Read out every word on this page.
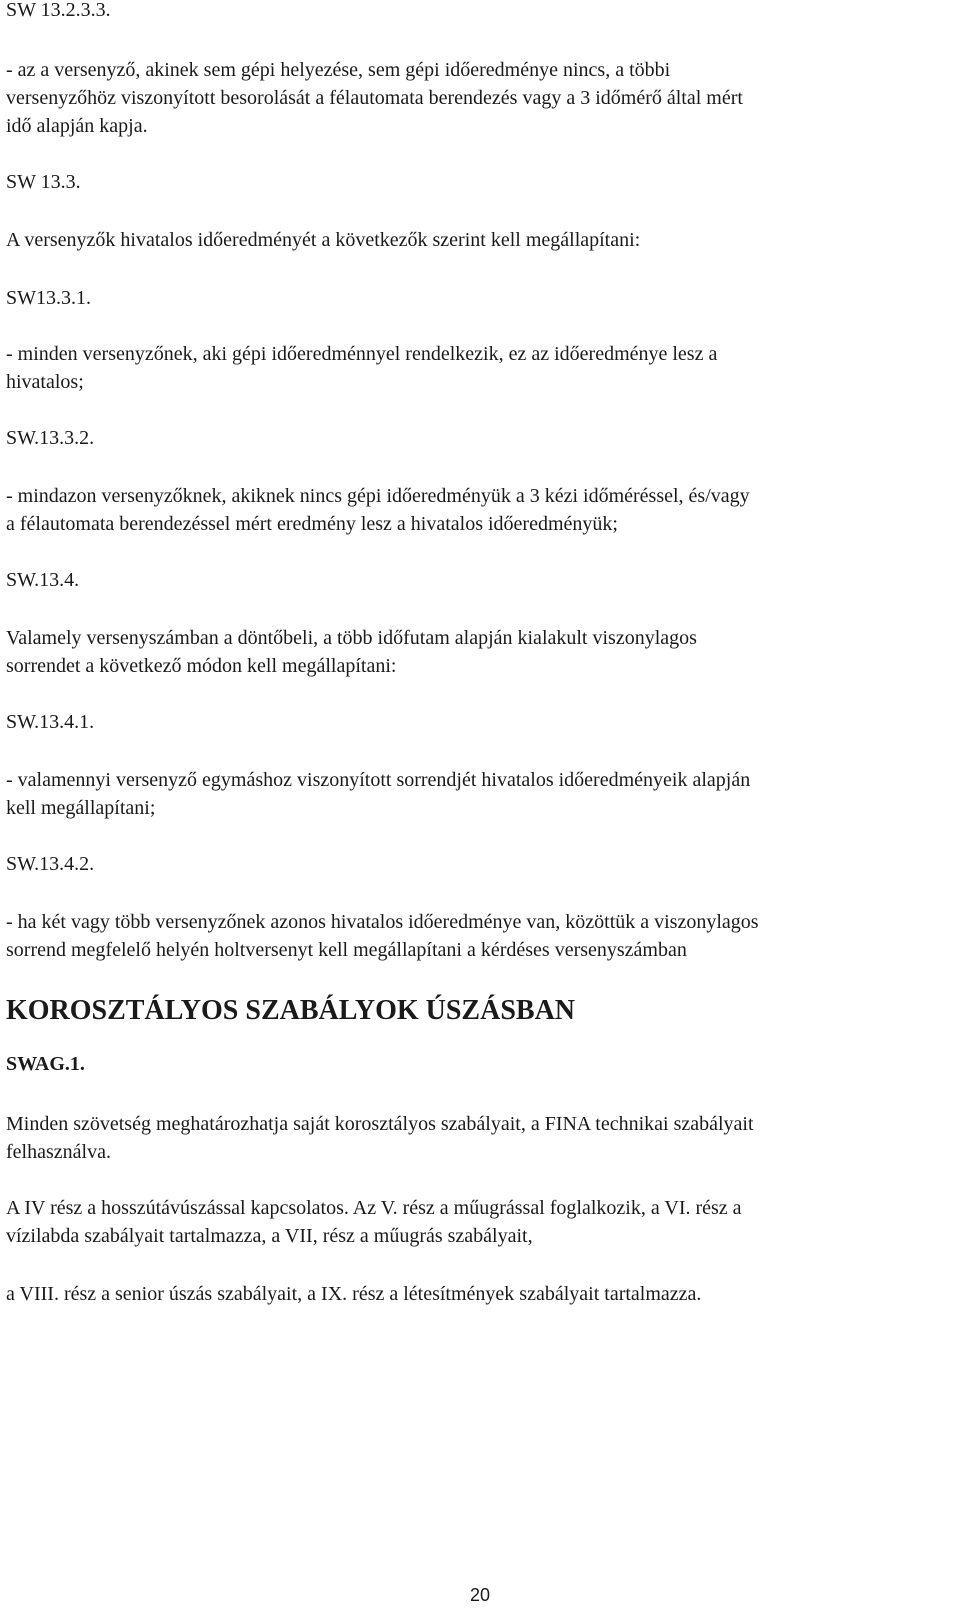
SW 13.2.3.3.

- az a versenyző, akinek sem gépi helyezése, sem gépi időeredménye nincs, a többi
versenyzőhöz viszonyított besorolását a félautomata berendezés vagy a 3 időmérő által mért
idő alapján kapja.

SW 13.3.

A versenyzők hivatalos időeredményét a következők szerint kell megállapítani:

SW13.3.1.

- minden versenyzőnek, aki gépi időeredménnyel rendelkezik, ez az időeredménye lesz a
hivatalos;

SW.13.3.2.

- mindazon versenyzőknek, akiknek nincs gépi időeredményük a 3 kézi időméréssel, és/vagy
a félautomata berendezéssel mért eredmény lesz a hivatalos időeredményük;

SW.13.4.

Valamely versenyszámban a döntőbeli, a több időfutam alapján kialakult viszonylagos
sorrendet a következő módon kell megállapítani:

SW.13.4.1.

- valamennyi versenyző egymáshoz viszonyított sorrendjét hivatalos időeredményeik alapján
kell megállapítani;

SW.13.4.2.

- ha két vagy több versenyzőnek azonos hivatalos időeredménye van, közöttük a viszonylagos
sorrend megfelelő helyén holtversenyt kell megállapítani a kérdéses versenyszámban

KOROSZTÁLYOS SZABÁLYOK ÚSZÁSBAN
SWAG.1.

Minden szövetség meghatározhatja saját korosztályos szabályait, a FINA technikai szabályait
felhasználva.

A IV rész a hosszútávúszással kapcsolatos. Az V. rész a műugrással foglalkozik, a VI. rész a
vízilabda szabályait tartalmazza, a VII, rész a műugrás szabályait,

a VIII. rész a senior úszás szabályait, a IX. rész a létesítmények szabályait tartalmazza.

20
